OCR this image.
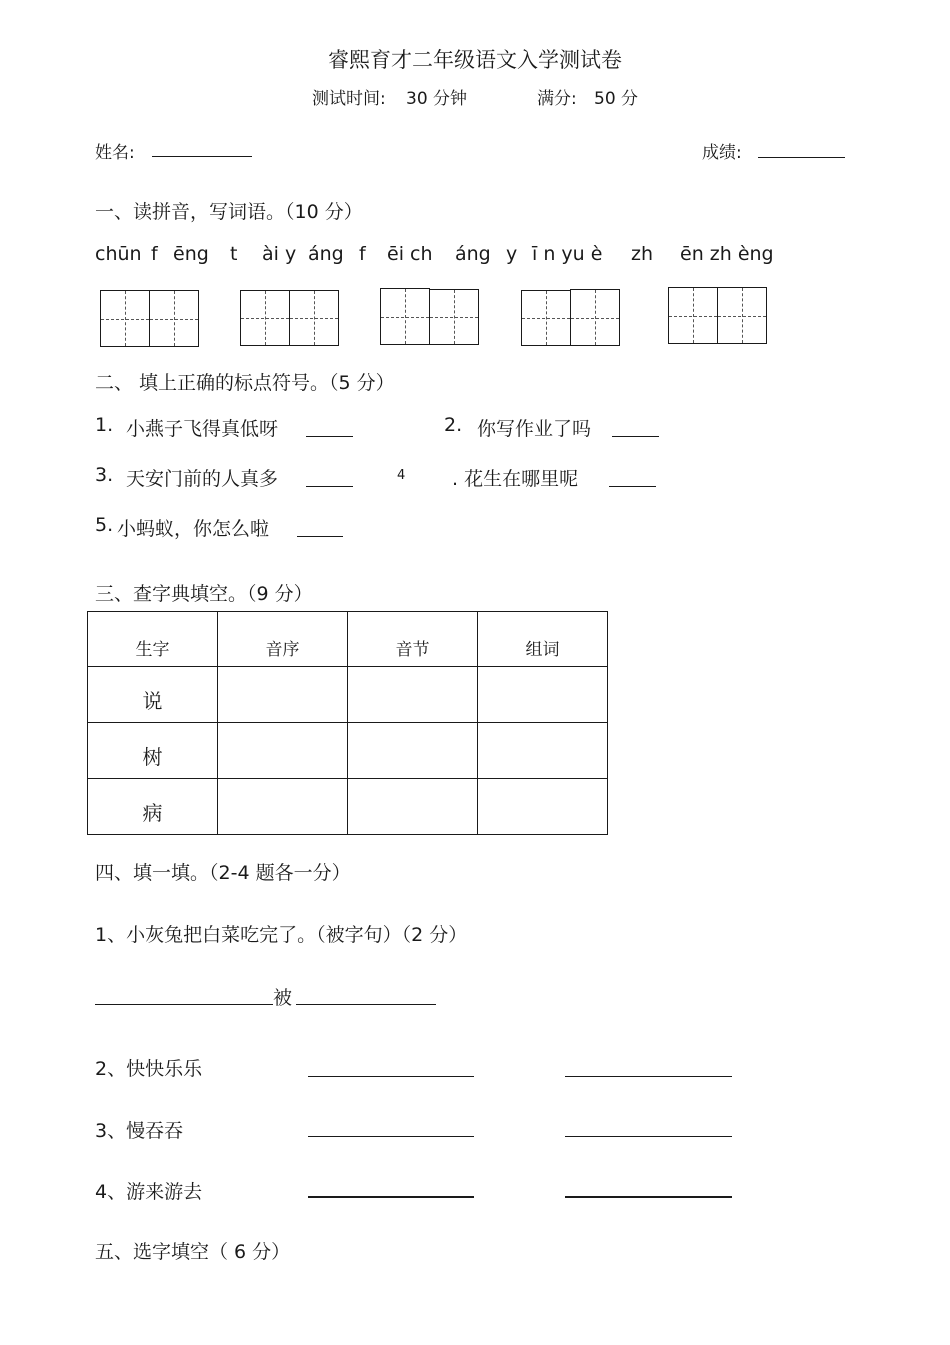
睿熙育才二年级语文入学测试卷
测试时间: 30 分钟	满分: 50 分
姓名:	成绩:
一、读拼音，写词语。（10 分）
chūn f ēng t ài y áng f ēi ch áng y ī n yu è zh ēn zh èng
二、 填上正确的标点符号。（5 分）
1. 小燕子飞得真低呀	2. 你写作业了吗
3. 天安门前的人真多	4 . 花生在哪里呢
5. 小蚂蚁，你怎么啦
三、查字典填空。（9 分）
生字	音序	音节	组词
说			
树			
病			
四、填一填。（2-4 题各一分）
1、小灰兔把白菜吃完了。（被字句）（2 分）
被
2、快快乐乐
3、慢吞吞
4、游来游去
五、选字填空（ 6 分）
